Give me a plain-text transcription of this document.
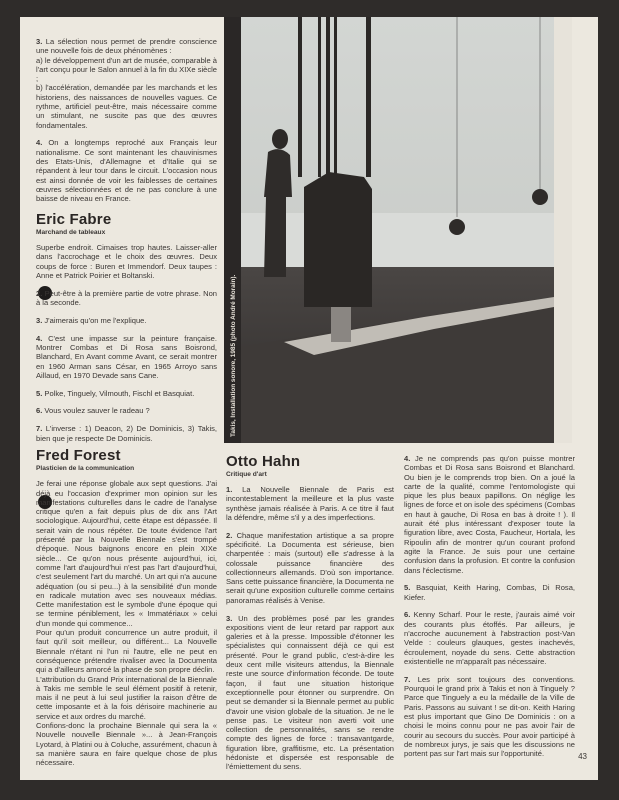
3. La sélection nous permet de prendre conscience une nouvelle fois de deux phénomènes :

a) le développement d'un art de musée, comparable à l'art conçu pour le Salon annuel à la fin du XIXe siècle ;

b) l'accélération, demandée par les marchands et les historiens, des naissances de nouvelles vagues. Ce rythme, artificiel peut-être, mais nécessaire comme un stimulant, ne suscite pas que des œuvres fondamentales.

4. On a longtemps reproché aux Français leur nationalisme. Ce sont maintenant les chauvinismes des Etats-Unis, d'Allemagne et d'Italie qui se répandent à leur tour dans le circuit. L'occasion nous est ainsi donnée de voir les faiblesses de certaines œuvres sélectionnées et de ne pas conclure à une baisse de niveau en France.

Eric Fabre
Marchand de tableaux

Superbe endroit. Cimaises trop hautes. Laisser-aller dans l'accrochage et le choix des œuvres. Deux coups de force : Buren et Immendorf. Deux taupes : Anne et Patrick Poirier et Boltanski.

2. Peut-être à la première partie de votre phrase. Non à la seconde.

3. J'aimerais qu'on me l'explique.

4. C'est une impasse sur la peinture française. Montrer Combas et Di Rosa sans Boisrond, Blanchard, En Avant comme Avant, ce serait montrer en 1960 Arman sans César, en 1965 Arroyo sans Aillaud, en 1970 Devade sans Cane.

5. Polke, Tinguely, Vilmouth, Fischl et Basquiat.

6. Vous voulez sauver le radeau ?

7. L'inverse : 1) Deacon, 2) De Dominicis, 3) Takis, bien que je respecte De Dominicis.

Fred Forest
Plasticien de la communication

Je ferai une réponse globale aux sept questions. J'ai déjà eu l'occasion d'exprimer mon opinion sur les manifestations culturelles dans le cadre de l'analyse critique qu'en a fait depuis plus de dix ans l'Art sociologique. Aujourd'hui, cette étape est dépassée. Il serait vain de nous répéter. De toute évidence l'art présenté par la Nouvelle Biennale s'est trompé d'époque. Nous baignons encore en plein XIXe siècle... Ce qu'on nous présente aujourd'hui, ici, comme l'art d'aujourd'hui n'est pas l'art d'aujourd'hui, c'est seulement l'art du marché. Un art qui n'a aucune adéquation (ou si peu...) à la sensibilité d'un monde en radicale mutation avec ses nouveaux médias. Cette manifestation est le symbole d'une époque qui se termine péniblement, les « Immatériaux » celui d'un monde qui commence...

Pour qu'un produit concurrence un autre produit, il faut qu'il soit meilleur, ou différent... La Nouvelle Biennale n'étant ni l'un ni l'autre, elle ne peut en conséquence prétendre rivaliser avec la Documenta qui a d'ailleurs amorcé la phase de son propre déclin.

L'attribution du Grand Prix international de la Biennale à Takis me semble le seul élément positif à retenir, mais il ne peut à lui seul justifier la raison d'être de cette imposante et à la fois dérisoire machinerie au service et aux ordres du marché.

Confions-donc la prochaine Biennale qui sera la « Nouvelle nouvelle Biennale »... à Jean-François Lyotard, à Platini ou à Coluche, assurément, chacun à sa manière saura en faire quelque chose de plus nécessaire.

Takis, Installation sonore, 1985 (photo André Morain).
Otto Hahn
Critique d'art

1. La Nouvelle Biennale de Paris est incontestablement la meilleure et la plus vaste synthèse jamais réalisée à Paris. A ce titre il faut la défendre, même s'il y a des imperfections.

2. Chaque manifestation artistique a sa propre spécificité. La Documenta est sérieuse, bien charpentée : mais (surtout) elle s'adresse à la colossale puissance financière des collectionneurs allemands. D'où son importance. Sans cette puissance financière, la Documenta ne serait qu'une exposition culturelle comme certains panoramas réalisés à Venise.

3. Un des problèmes posé par les grandes expositions vient de leur retard par rapport aux galeries et à la presse. Impossible d'étonner les spécialistes qui connaissent déjà ce qui est présenté. Pour le grand public, c'est-à-dire les deux cent mille visiteurs attendus, la Biennale reste une source d'information féconde. De toute façon, il faut une situation historique exceptionnelle pour étonner ou surprendre. On peut se demander si la Biennale permet au public d'avoir une vision globale de la situation. Je ne le pense pas. Le visiteur non averti voit une collection de personnalités, sans se rendre compte des lignes de force : transavantgarde, figuration libre, graffitisme, etc. La présentation hédoniste et dispersée est responsable de l'émiettement du sens.

4. Je ne comprends pas qu'on puisse montrer Combas et Di Rosa sans Boisrond et Blanchard. Ou bien je le comprends trop bien. On a joué la carte de la qualité, comme l'entomologiste qui pique les plus beaux papillons. On néglige les lignes de force et on isole des spécimens (Combas en haut à gauche, Di Rosa en bas à droite ! ). Il aurait été plus intéressant d'exposer toute la figuration libre, avec Costa, Faucheur, Hortala, les Ripoulin afin de montrer qu'un courant profond agite la France. Je suis pour une certaine confusion dans la profusion. Et contre la confusion dans l'éclectisme.

5. Basquiat, Keith Haring, Combas, Di Rosa, Kiefer.

6. Kenny Scharf. Pour le reste, j'aurais aimé voir des courants plus étoffés. Par ailleurs, je n'accroche aucunement à l'abstraction post-Van Velde : couleurs glauques, gestes inachevés, écroulement, noyade du sens. Cette abstraction existentielle ne m'apparaît pas nécessaire.

7. Les prix sont toujours des conventions. Pourquoi le grand prix à Takis et non à Tinguely ? Parce que Tinguely a eu la médaille de la Ville de Paris. Passons au suivant ! se dit-on. Keith Haring est plus important que Gino De Dominicis : on a choisi le moins connu pour ne pas avoir l'air de courir au secours du succès. Pour avoir participé à de nombreux jurys, je sais que les discussions ne portent pas sur l'art mais sur l'opportunité.	43
